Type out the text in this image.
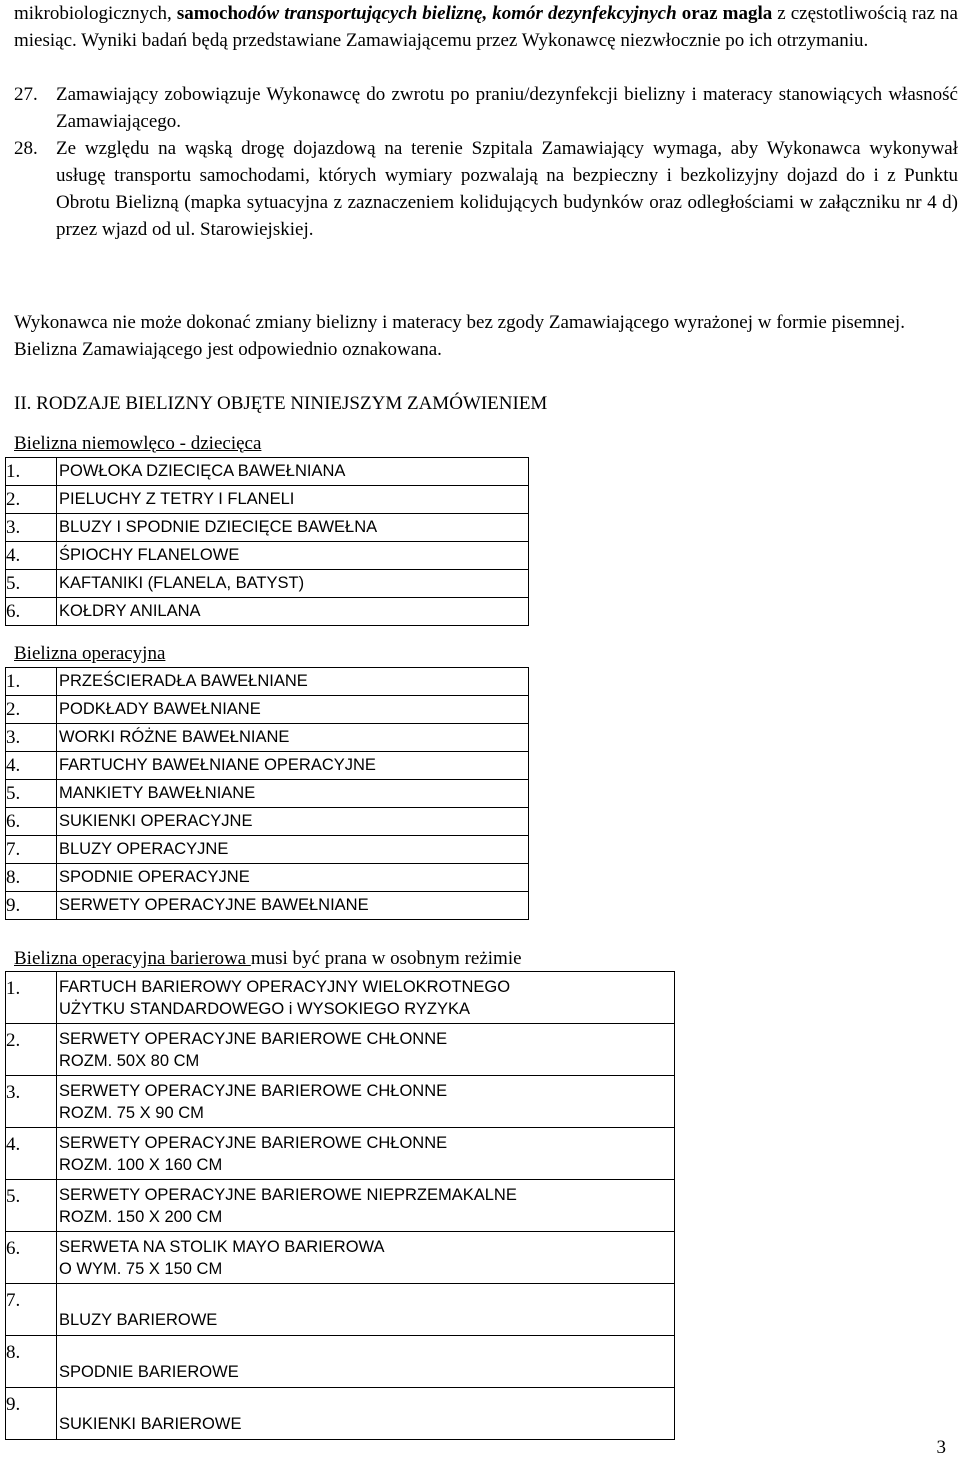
mikrobiologicznych, samochodów transportujących bieliznę, komór dezynfekcyjnych oraz magla z częstotliwością raz na miesiąc. Wyniki badań będą przedstawiane Zamawiającemu przez Wykonawcę niezwłocznie po ich otrzymaniu.

27. Zamawiający zobowiązuje Wykonawcę do zwrotu po praniu/dezynfekcji bielizny i materacy stanowiących własność Zamawiającego.

28. Ze względu na wąską drogę dojazdową na terenie Szpitala Zamawiający wymaga, aby Wykonawca wykonywał usługę transportu samochodami, których wymiary pozwalają na bezpieczny i bezkolizyjny dojazd do i z Punktu Obrotu Bielizną (mapka sytuacyjna z zaznaczeniem kolidujących budynków oraz odległościami w załączniku nr 4 d) przez wjazd od ul. Starowiejskiej.

Wykonawca nie może dokonać zmiany bielizny i materacy bez zgody Zamawiającego wyrażonej w formie pisemnej. Bielizna Zamawiającego jest odpowiednio oznakowana.

II. RODZAJE BIELIZNY OBJĘTE NINIEJSZYM ZAMÓWIENIEM
Bielizna niemowlęco - dziecięca
1.	POWŁOKA DZIECIĘCA BAWEŁNIANA
2.	PIELUCHY Z TETRY I FLANELI
3.	BLUZY I SPODNIE DZIECIĘCE BAWEŁNA
4.	ŚPIOCHY FLANELOWE
5.	KAFTANIKI (FLANELA, BATYST)
6.	KOŁDRY ANILANA
Bielizna operacyjna
1.	PRZEŚCIERADŁA BAWEŁNIANE
2.	PODKŁADY BAWEŁNIANE
3.	WORKI RÓŻNE BAWEŁNIANE
4.	FARTUCHY BAWEŁNIANE OPERACYJNE
5.	MANKIETY BAWEŁNIANE
6.	SUKIENKI OPERACYJNE
7.	BLUZY OPERACYJNE
8.	SPODNIE OPERACYJNE
9.	SERWETY OPERACYJNE BAWEŁNIANE
Bielizna operacyjna barierowa musi być prana w osobnym reżimie
1.	FARTUCH BARIEROWY OPERACYJNY WIELOKROTNEGO
UŻYTKU STANDARDOWEGO i WYSOKIEGO RYZYKA

2.	SERWETY OPERACYJNE BARIEROWE CHŁONNE
ROZM. 50X 80 CM

3.	SERWETY OPERACYJNE BARIEROWE CHŁONNE
ROZM. 75 X 90 CM

4.	SERWETY OPERACYJNE BARIEROWE CHŁONNE
ROZM. 100 X 160 CM

5.	SERWETY OPERACYJNE BARIEROWE NIEPRZEMAKALNE
ROZM. 150 X 200 CM

6.	SERWETA NA STOLIK MAYO BARIEROWA
O WYM. 75 X 150 CM

7.	BLUZY BARIEROWE

8.	SPODNIE BARIEROWE

9.	SUKIENKI BARIEROWE
3
